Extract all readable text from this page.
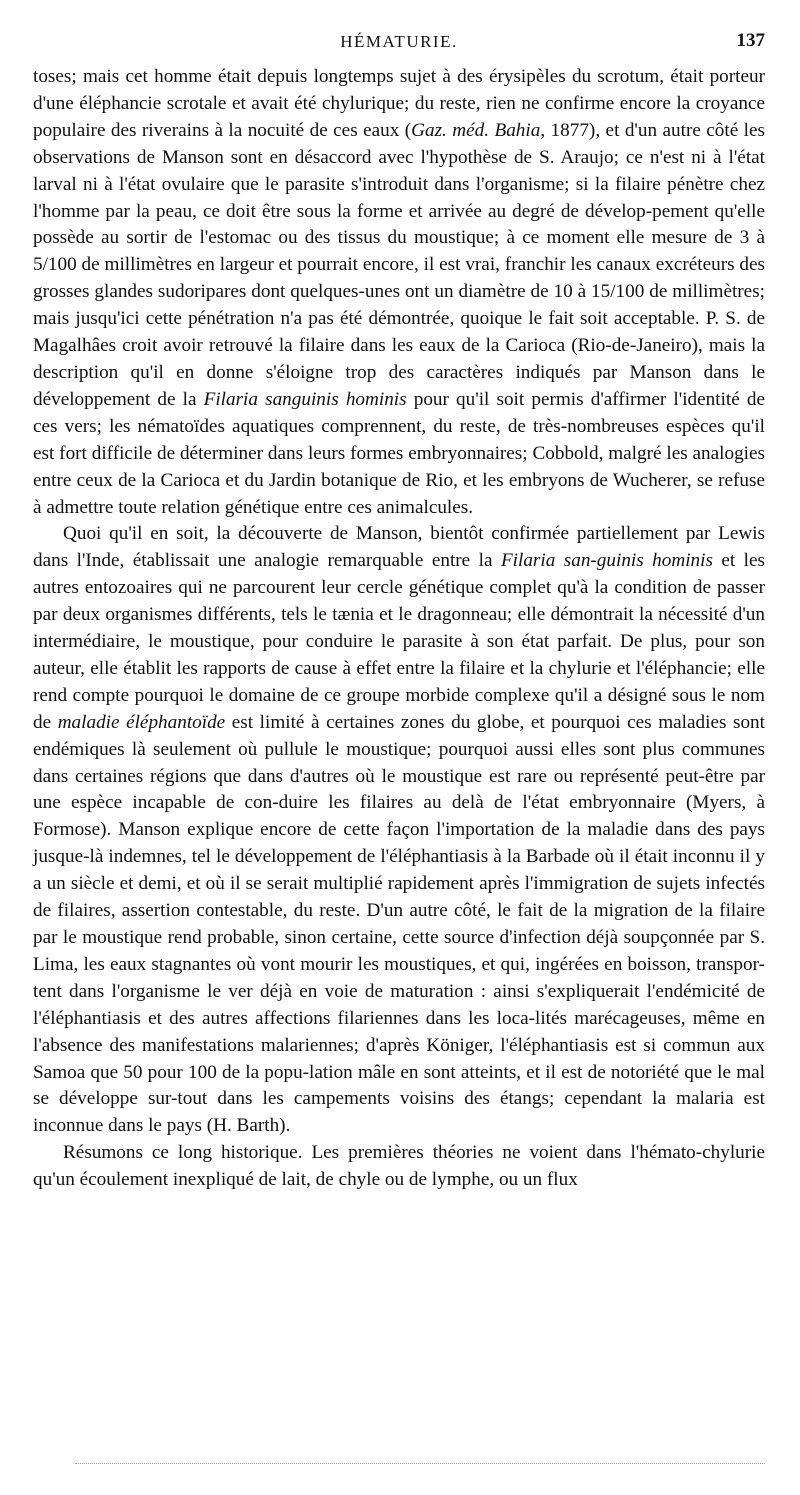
HÉMATURIE.	137

toses; mais cet homme était depuis longtemps sujet à des érysipèles du scrotum, était porteur d'une éléphancie scrotale et avait été chylurique; du reste, rien ne confirme encore la croyance populaire des riverains à la nocuité de ces eaux (Gaz. méd. Bahia, 1877), et d'un autre côté les observations de Manson sont en désaccord avec l'hypothèse de S. Araujo; ce n'est ni à l'état larval ni à l'état ovulaire que le parasite s'introduit dans l'organisme; si la filaire pénètre chez l'homme par la peau, ce doit être sous la forme et arrivée au degré de dévelop-pement qu'elle possède au sortir de l'estomac ou des tissus du moustique; à ce moment elle mesure de 3 à 5/100 de millimètres en largeur et pourrait encore, il est vrai, franchir les canaux excréteurs des grosses glandes sudoripares dont quelques-unes ont un diamètre de 10 à 15/100 de millimètres; mais jusqu'ici cette pénétration n'a pas été démontrée, quoique le fait soit acceptable. P. S. de Magalhâes croit avoir retrouvé la filaire dans les eaux de la Carioca (Rio-de-Janeiro), mais la description qu'il en donne s'éloigne trop des caractères indiqués par Manson dans le développement de la Filaria sanguinis hominis pour qu'il soit permis d'affirmer l'identité de ces vers; les nématoïdes aquatiques comprennent, du reste, de très-nombreuses espèces qu'il est fort difficile de déterminer dans leurs formes embryonnaires; Cobbold, malgré les analogies entre ceux de la Carioca et du Jardin botanique de Rio, et les embryons de Wucherer, se refuse à admettre toute relation génétique entre ces animalcules.

Quoi qu'il en soit, la découverte de Manson, bientôt confirmée partiellement par Lewis dans l'Inde, établissait une analogie remarquable entre la Filaria san-guinis hominis et les autres entozoaires qui ne parcourent leur cercle génétique complet qu'à la condition de passer par deux organismes différents, tels le tænia et le dragonneau; elle démontrait la nécessité d'un intermédiaire, le moustique, pour conduire le parasite à son état parfait. De plus, pour son auteur, elle établit les rapports de cause à effet entre la filaire et la chylurie et l'éléphancie; elle rend compte pourquoi le domaine de ce groupe morbide complexe qu'il a désigné sous le nom de maladie éléphantoïde est limité à certaines zones du globe, et pourquoi ces maladies sont endémiques là seulement où pullule le moustique; pourquoi aussi elles sont plus communes dans certaines régions que dans d'autres où le moustique est rare ou représenté peut-être par une espèce incapable de con-duire les filaires au delà de l'état embryonnaire (Myers, à Formose). Manson explique encore de cette façon l'importation de la maladie dans des pays jusque-là indemnes, tel le développement de l'éléphantiasis à la Barbade où il était inconnu il y a un siècle et demi, et où il se serait multiplié rapidement après l'immigration de sujets infectés de filaires, assertion contestable, du reste. D'un autre côté, le fait de la migration de la filaire par le moustique rend probable, sinon certaine, cette source d'infection déjà soupçonnée par S. Lima, les eaux stagnantes où vont mourir les moustiques, et qui, ingérées en boisson, transpor-tent dans l'organisme le ver déjà en voie de maturation : ainsi s'expliquerait l'endémicité de l'éléphantiasis et des autres affections filariennes dans les loca-lités marécageuses, même en l'absence des manifestations malariennes; d'après Königer, l'éléphantiasis est si commun aux Samoa que 50 pour 100 de la popu-lation mâle en sont atteints, et il est de notoriété que le mal se développe sur-tout dans les campements voisins des étangs; cependant la malaria est inconnue dans le pays (H. Barth).

Résumons ce long historique. Les premières théories ne voient dans l'hémato-chylurie qu'un écoulement inexpliqué de lait, de chyle ou de lymphe, ou un flux
